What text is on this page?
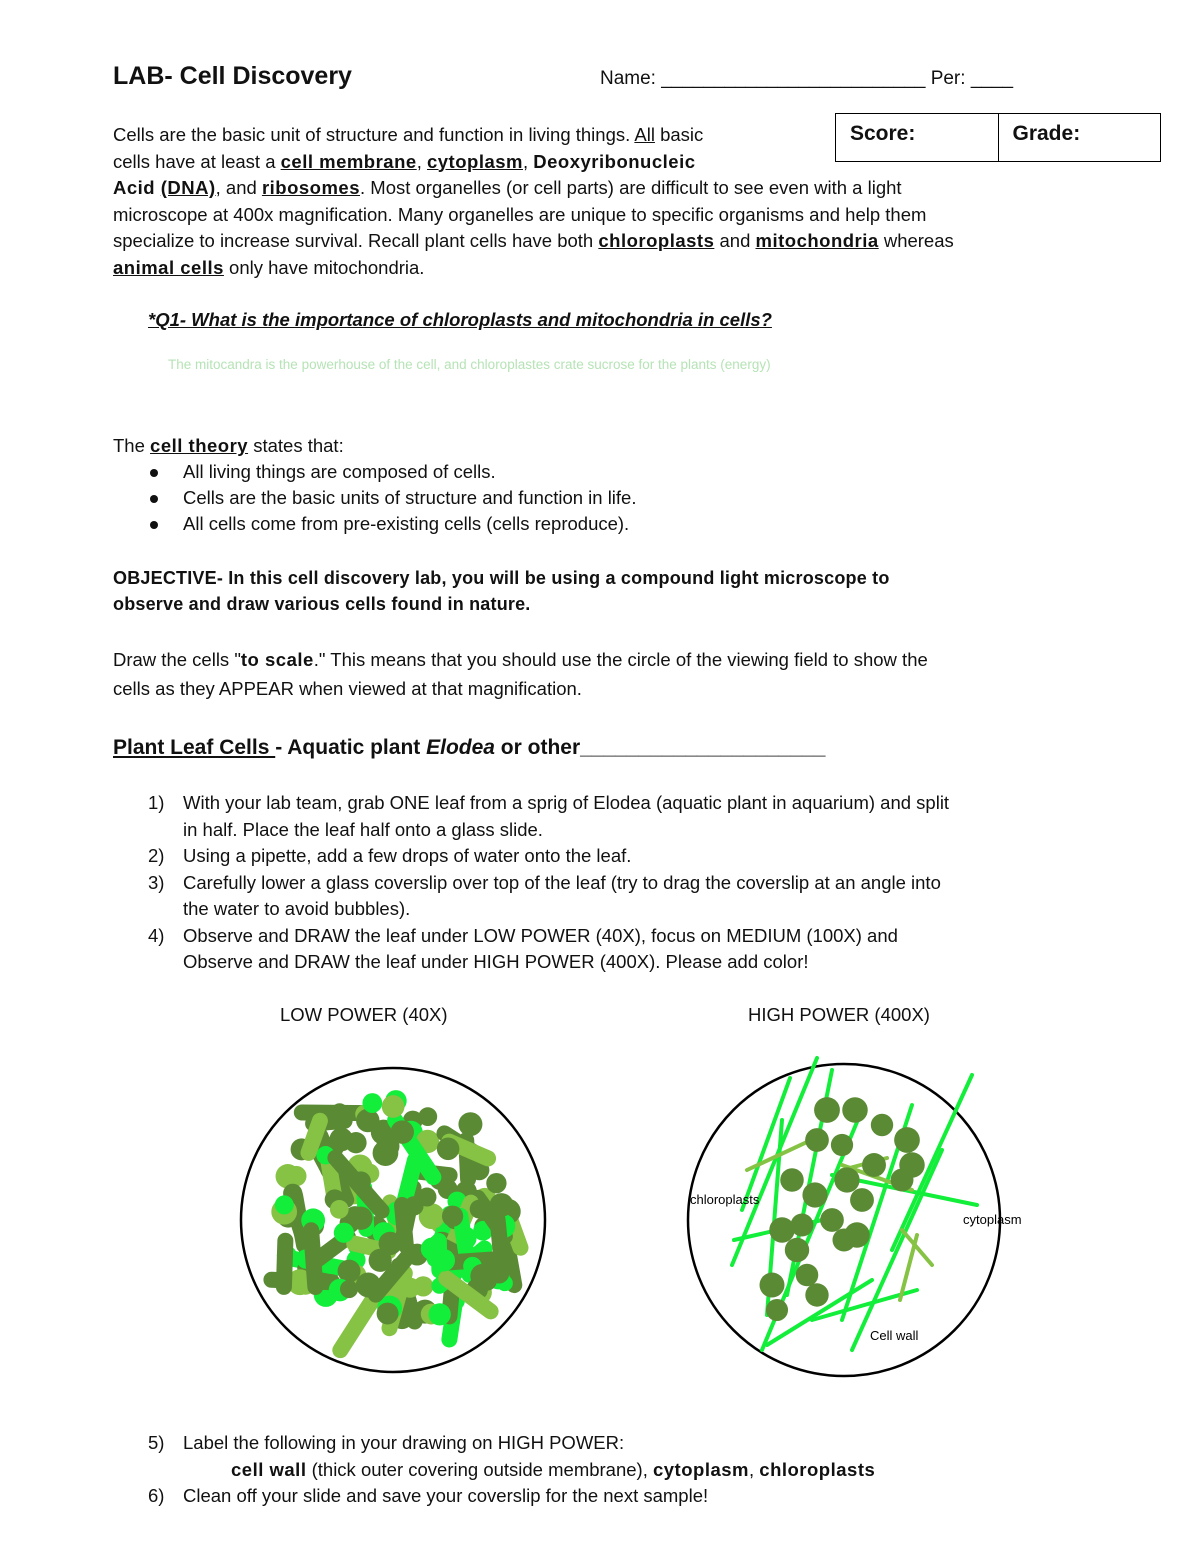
LAB- Cell Discovery	Name: _________________________ Per: ____
Score:	Grade:
Cells are the basic unit of structure and function in living things. All basic
cells have at least a cell membrane, cytoplasm, Deoxyribonucleic
Acid (DNA), and ribosomes. Most organelles (or cell parts) are difficult to see even with a light
microscope at 400x magnification. Many organelles are unique to specific organisms and help them
specialize to increase survival. Recall plant cells have both chloroplasts and mitochondria whereas
animal cells only have mitochondria.
*Q1- What is the importance of chloroplasts and mitochondria in cells?
The mitocandra is the powerhouse of the cell, and chloroplastes crate sucrose for the plants (energy)
The cell theory states that:
All living things are composed of cells.
Cells are the basic units of structure and function in life.
All cells come from pre-existing cells (cells reproduce).
OBJECTIVE- In this cell discovery lab, you will be using a compound light microscope to
observe and draw various cells found in nature.
Draw the cells "to scale." This means that you should use the circle of the viewing field to show the
cells as they APPEAR when viewed at that magnification.
Plant Leaf Cells - Aquatic plant Elodea or other_____________________
1)	With your lab team, grab ONE leaf from a sprig of Elodea (aquatic plant in aquarium) and split
in half. Place the leaf half onto a glass slide.
2)	Using a pipette, add a few drops of water onto the leaf.
3)	Carefully lower a glass coverslip over top of the leaf (try to drag the coverslip at an angle into
the water to avoid bubbles).
4)	Observe and DRAW the leaf under LOW POWER (40X), focus on MEDIUM (100X) and
Observe and DRAW the leaf under HIGH POWER (400X). Please add color!
LOW POWER (40X)	HIGH POWER (400X)
chloroplasts
cytoplasm
Cell wall
5)	Label the following in your drawing on HIGH POWER:
cell wall (thick outer covering outside membrane), cytoplasm, chloroplasts
6)	Clean off your slide and save your coverslip for the next sample!
